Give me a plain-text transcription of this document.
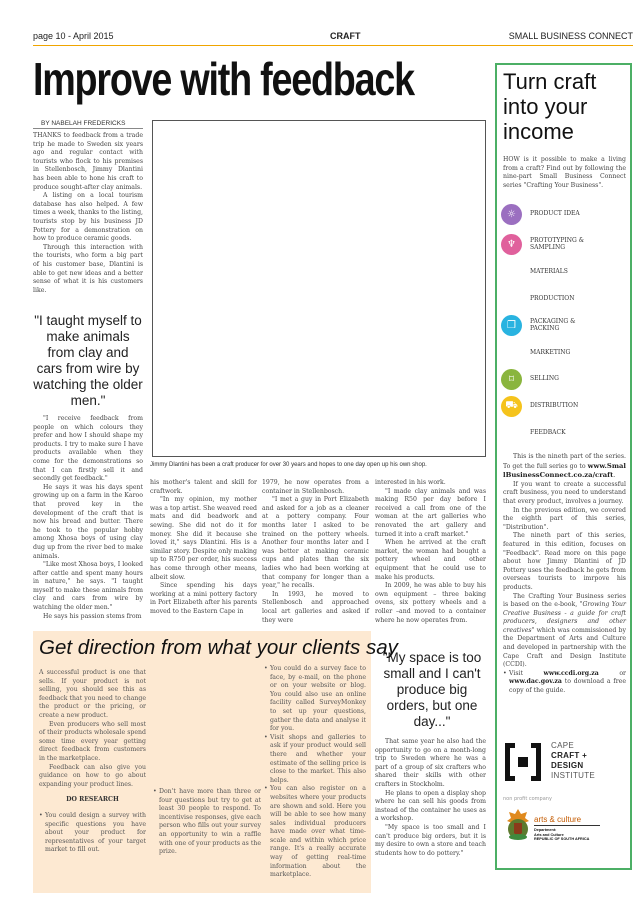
page 10 - April 2015	CRAFT	SMALL BUSINESS CONNECT
Improve with feedback
BY NABELAH FREDERICKS

THANKS to feedback from a trade trip he made to Sweden six years ago and regular contact with tourists who flock to his premises in Stellenbosch, Jimmy Dlantini has been able to hone his craft to produce sought-after clay animals.

A listing on a local tourism database has also helped. A few times a week, thanks to the listing, tourists stop by his business JD Pottery for a demonstration on how to produce ceramic goods.

Through this interaction with the tourists, who form a big part of his customer base, Dlantini is able to get new ideas and a better sense of what it is his customers like.

"I taught myself to make animals from clay and cars from wire by watching the older men."

"I receive feedback from people on which colours they prefer and how I should shape my products. I try to make sure I have products available when they come for the demonstrations so that I can firstly sell it and secondly get feedback."

He says it was his days spent growing up on a farm in the Karoo that proved key in the development of the craft that is now his bread and butter. There he took to the popular hobby among Xhosa boys of using clay dug up from the river bed to make animals.

"Like most Xhosa boys, I looked after cattle and spent many hours in nature," he says. "I taught myself to make these animals from clay and cars from wire by watching the older men."

He says his passion stems from

Jimmy Dlantini has been a craft producer for over 30 years and hopes to one day open up his own shop.

his mother's talent and skill for craftwork.

"In my opinion, my mother was a top artist. She weaved reed mats and did beadwork and sewing. She did not do it for money. She did it because she loved it," says Dlantini. His is a similar story. Despite only making up to R750 per order, his success has come through other means, albeit slow.

Since spending his days working at a mini pottery factory in Port Elizabeth after his parents moved to the Eastern Cape in

1979, he now operates from a container in Stellenbosch.

"I met a guy in Port Elizabeth and asked for a job as a cleaner at a pottery company. Four months later I asked to be trained on the pottery wheels. Another four months later and I was better at making ceramic cups and plates than the six ladies who had been working at that company for longer than a year," he recalls.

In 1993, he moved to Stellenbosch and approached local art galleries and asked if they were

interested in his work.

"I made clay animals and was making R50 per day before I received a call from one of the woman at the art galleries who renovated the art gallery and turned it into a craft market."

When he arrived at the craft market, the woman had bought a pottery wheel and other equipment that he could use to make his products.

In 2009, he was able to buy his own equipment – three baking ovens, six pottery wheels and a roller –and moved to a container where he now operates from.

"My space is too small and I can't produce big orders, but one day..."

That same year he also had the opportunity to go on a month-long trip to Sweden where he was a part of a group of six crafters who shared their skills with other crafters in Stockholm.

He plans to open a display shop where he can sell his goods from instead of the container he uses as a workshop.

"My space is too small and I can't produce big orders, but it is my desire to own a store and teach students how to do pottery."

Get direction from what your clients say

A successful product is one that sells. If your product is not selling, you should see this as feedback that you need to change the product or the pricing, or create a new product.

Even producers who sell most of their products wholesale spend some time every year getting direct feedback from customers in the marketplace.

Feedback can also give you guidance on how to go about expanding your product lines.

DO RESEARCH

• You could design a survey with specific questions you have about your product for representatives of your target market to fill out.

• Don't have more than three or four questions but try to get at least 30 people to respond. To incentivise responses, give each person who fills out your survey an opportunity to win a raffle with one of your products as the prize.

• You could do a survey face to face, by e-mail, on the phone or on your website or blog. You could also use an online facility called SurveyMonkey to set up your questions, gather the data and analyse it for you.

• Visit shops and galleries to ask if your product would sell there and whether your estimate of the selling price is close to the market. This also helps.

• You can also register on a websites where your products are shown and sold. Here you will be able to see how many sales individual producers have made over what time-scale and within which price range. It's a really accurate way of getting real-time information about the marketplace.

Turn craft into your income

HOW is it possible to make a living from a craft? Find out by following the nine-part Small Business Connect series "Crafting Your Business".

☼	PRODUCT IDEA
♆	PROTOTYPING & SAMPLING
MATERIALS
PRODUCTION
❒	PACKAGING & PACKING
MARKETING
⌑	SELLING
⛟	DISTRIBUTION
FEEDBACK

This is the nineth part of the series. To get the full series go to www.SmallBusinessConnect.co.za/craft.

If you want to create a successful craft business, you need to understand that every product, involves a journey.

In the previous edition, we covered the eighth part of this series, "Distribution".

The nineth part of this series, featured in this edition, focuses on "Feedback". Read more on this page about how Jimmy Dlantini of JD Pottery uses the feedback he gets from overseas tourists to imrpove his products.

The Crafting Your Business series is based on the e-book, "Growing Your Creative Business - a guide for craft producers, designers and other creatives" which was commissioned by the Department of Arts and Culture and developed in partnership with the Cape Craft and Design Institute (CCDI).

• Visit www.ccdi.org.za or www.dac.gov.za to download a free copy of the guide.

CAPE
CRAFT +
DESIGN
INSTITUTE
non profit company
arts & culture
Department:
Arts and Culture
REPUBLIC OF SOUTH AFRICA
